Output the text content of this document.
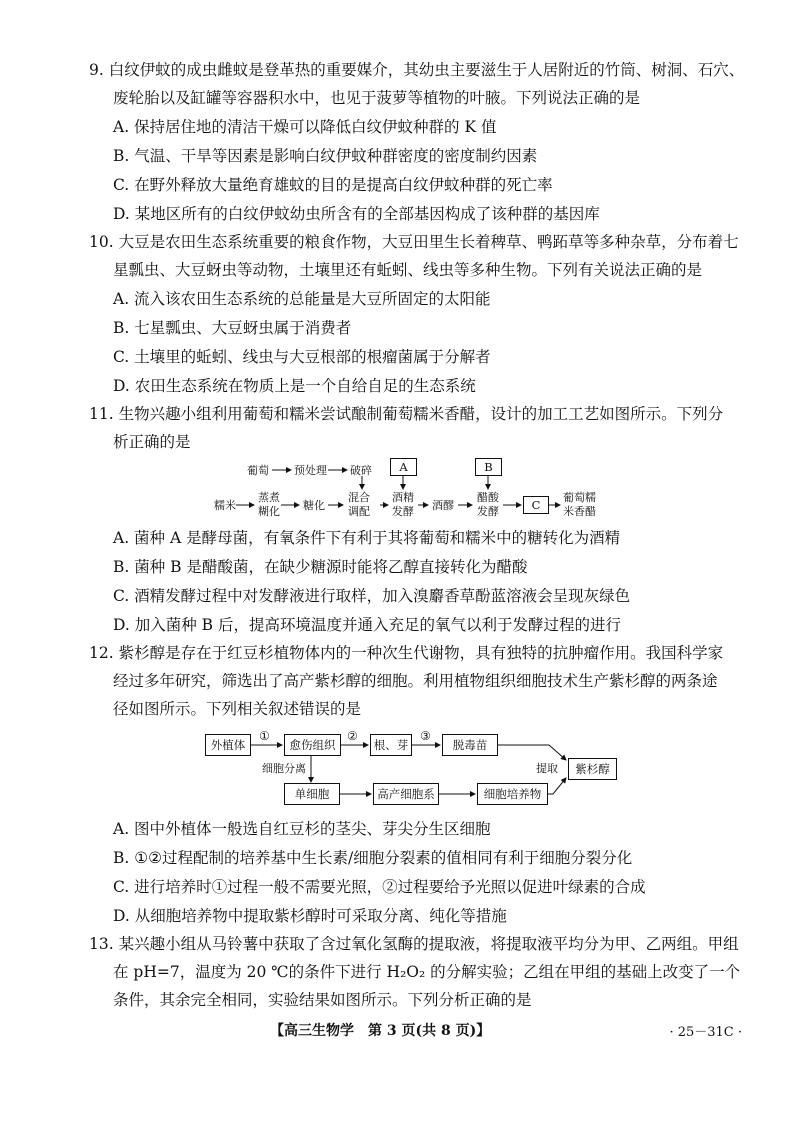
9. 白纹伊蚊的成虫雌蚊是登革热的重要媒介，其幼虫主要滋生于人居附近的竹筒、树洞、石穴、
废轮胎以及缸罐等容器积水中，也见于菠萝等植物的叶腋。下列说法正确的是
A. 保持居住地的清洁干燥可以降低白纹伊蚊种群的 K 值
B. 气温、干旱等因素是影响白纹伊蚊种群密度的密度制约因素
C. 在野外释放大量绝育雄蚊的目的是提高白纹伊蚊种群的死亡率
D. 某地区所有的白纹伊蚊幼虫所含有的全部基因构成了该种群的基因库
10. 大豆是农田生态系统重要的粮食作物，大豆田里生长着稗草、鸭跖草等多种杂草，分布着七
星瓢虫、大豆蚜虫等动物，土壤里还有蚯蚓、线虫等多种生物。下列有关说法正确的是
A. 流入该农田生态系统的总能量是大豆所固定的太阳能
B. 七星瓢虫、大豆蚜虫属于消费者
C. 土壤里的蚯蚓、线虫与大豆根部的根瘤菌属于分解者
D. 农田生态系统在物质上是一个自给自足的生态系统
11. 生物兴趣小组利用葡萄和糯米尝试酿制葡萄糯米香醋，设计的加工工艺如图所示。下列分
析正确的是
葡萄 预处理 破碎	A	B
糯米
蒸煮
糊化 糖化
混合
调配
酒精
发酵 酒醪
醋酸
发酵	C
葡萄糯
米香醋
A. 菌种 A 是酵母菌，有氧条件下有利于其将葡萄和糯米中的糖转化为酒精
B. 菌种 B 是醋酸菌，在缺少糖源时能将乙醇直接转化为醋酸
C. 酒精发酵过程中对发酵液进行取样，加入溴麝香草酚蓝溶液会呈现灰绿色
D. 加入菌种 B 后，提高环境温度并通入充足的氧气以利于发酵过程的进行
12. 紫杉醇是存在于红豆杉植物体内的一种次生代谢物，具有独特的抗肿瘤作用。我国科学家
经过多年研究，筛选出了高产紫杉醇的细胞。利用植物组织细胞技术生产紫杉醇的两条途
径如图所示。下列相关叙述错误的是
外植体
①
愈伤组织
②
根、芽
③
脱毒苗
细胞分离
单细胞	高产细胞系	细胞培养物
提取	紫杉醇
A. 图中外植体一般选自红豆杉的茎尖、芽尖分生区细胞
B. ①②过程配制的培养基中生长素/细胞分裂素的值相同有利于细胞分裂分化
C. 进行培养时①过程一般不需要光照，②过程要给予光照以促进叶绿素的合成
D. 从细胞培养物中提取紫杉醇时可采取分离、纯化等措施
13. 某兴趣小组从马铃薯中获取了含过氧化氢酶的提取液，将提取液平均分为甲、乙两组。甲组
在 pH=7，温度为 20 ℃的条件下进行 H₂O₂ 的分解实验；乙组在甲组的基础上改变了一个
条件，其余完全相同，实验结果如图所示。下列分析正确的是
【高三生物学　第 3 页(共 8 页)】	· 25－31C ·
